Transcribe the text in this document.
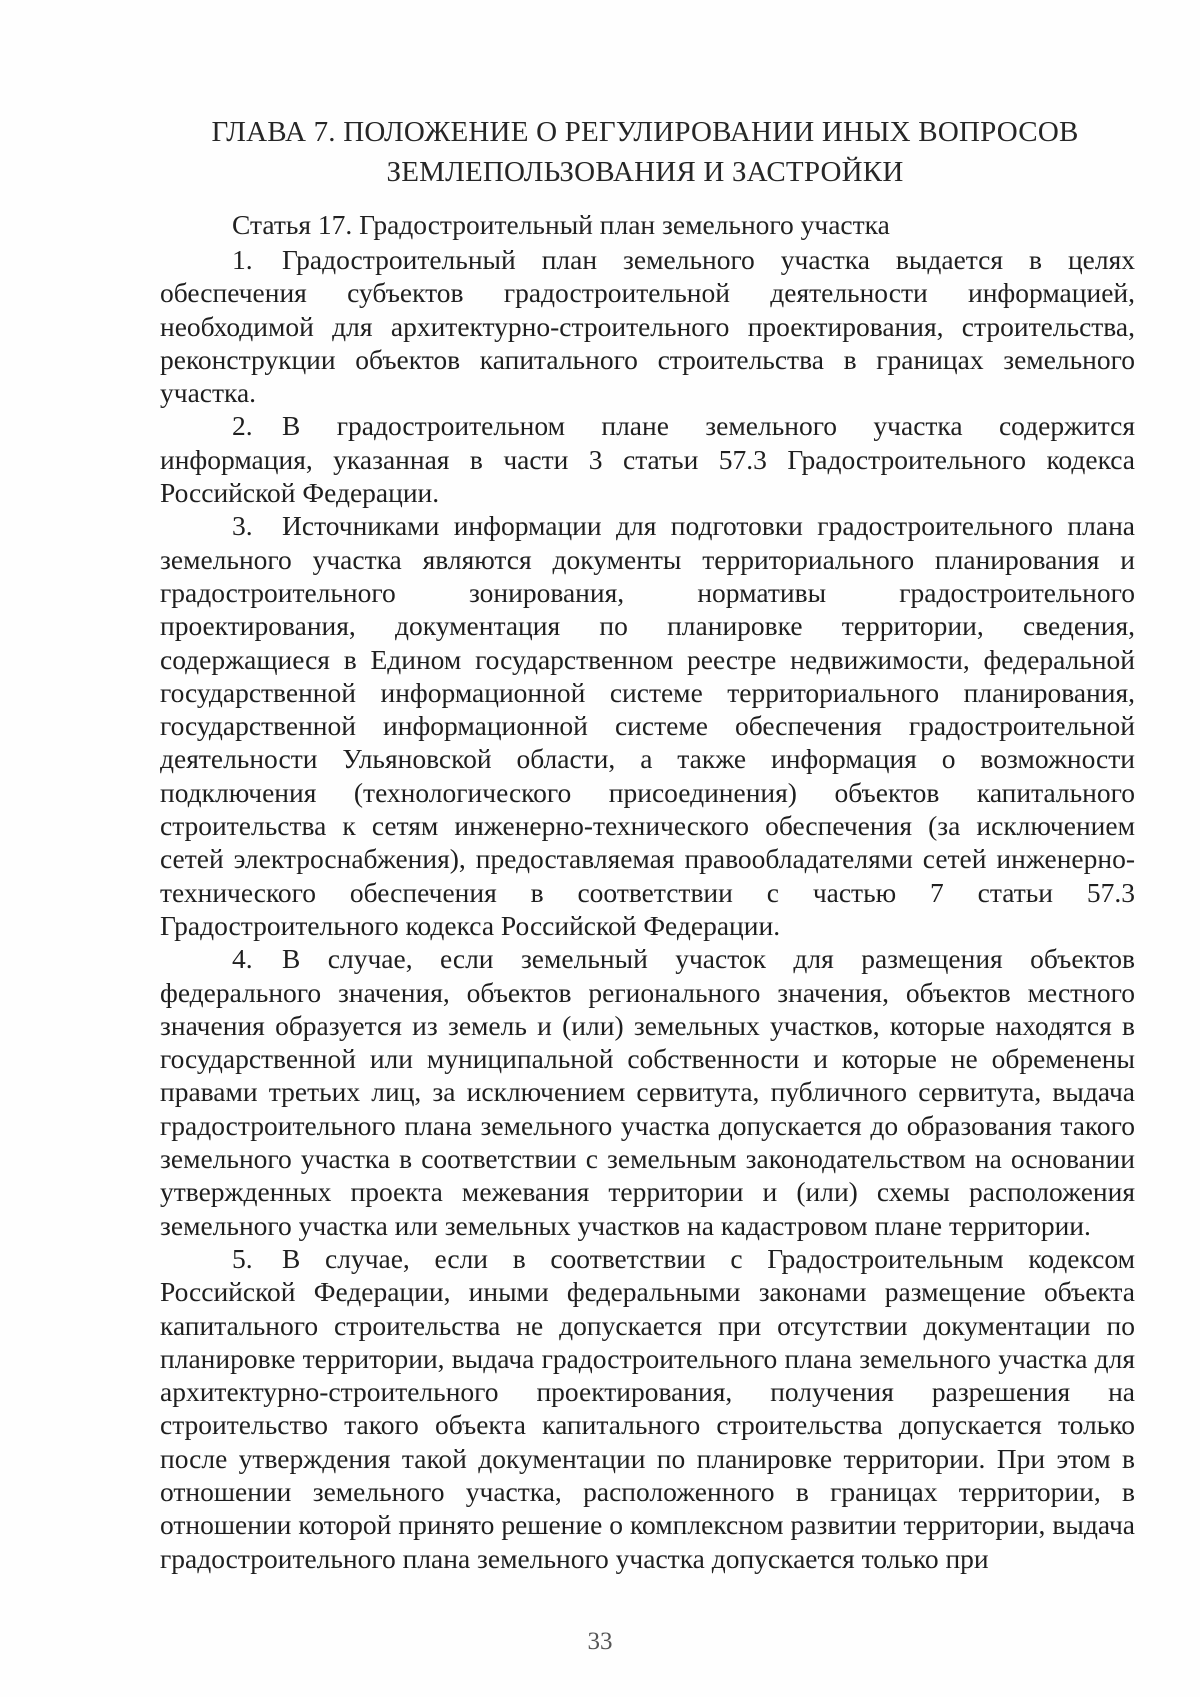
ГЛАВА 7. ПОЛОЖЕНИЕ О РЕГУЛИРОВАНИИ ИНЫХ ВОПРОСОВ
ЗЕМЛЕПОЛЬЗОВАНИЯ И ЗАСТРОЙКИ
Статья 17. Градостроительный план земельного участка

1. Градостроительный план земельного участка выдается в целях обеспечения субъектов градостроительной деятельности информацией, необходимой для архитектурно-строительного проектирования, строительства, реконструкции объектов капитального строительства в границах земельного участка.

2. В градостроительном плане земельного участка содержится информация, указанная в части 3 статьи 57.3 Градостроительного кодекса Российской Федерации.

3. Источниками информации для подготовки градостроительного плана земельного участка являются документы территориального планирования и градостроительного зонирования, нормативы градостроительного проектирования, документация по планировке территории, сведения, содержащиеся в Едином государственном реестре недвижимости, федеральной государственной информационной системе территориального планирования, государственной информационной системе обеспечения градостроительной деятельности Ульяновской области, а также информация о возможности подключения (технологического присоединения) объектов капитального строительства к сетям инженерно-технического обеспечения (за исключением сетей электроснабжения), предоставляемая правообладателями сетей инженерно-технического обеспечения в соответствии с частью 7 статьи 57.3 Градостроительного кодекса Российской Федерации.

4. В случае, если земельный участок для размещения объектов федерального значения, объектов регионального значения, объектов местного значения образуется из земель и (или) земельных участков, которые находятся в государственной или муниципальной собственности и которые не обременены правами третьих лиц, за исключением сервитута, публичного сервитута, выдача градостроительного плана земельного участка допускается до образования такого земельного участка в соответствии с земельным законодательством на основании утвержденных проекта межевания территории и (или) схемы расположения земельного участка или земельных участков на кадастровом плане территории.

5. В случае, если в соответствии с Градостроительным кодексом Российской Федерации, иными федеральными законами размещение объекта капитального строительства не допускается при отсутствии документации по планировке территории, выдача градостроительного плана земельного участка для архитектурно-строительного проектирования, получения разрешения на строительство такого объекта капитального строительства допускается только после утверждения такой документации по планировке территории. При этом в отношении земельного участка, расположенного в границах территории, в отношении которой принято решение о комплексном развитии территории, выдача градостроительного плана земельного участка допускается только при

33
